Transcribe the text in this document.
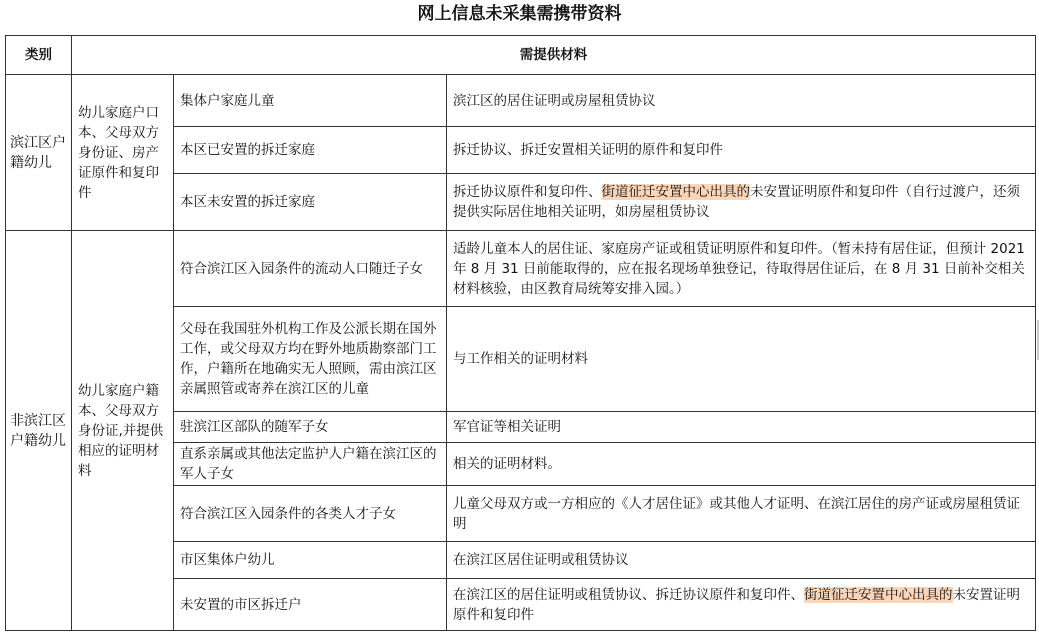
网上信息未采集需携带资料
类别	需提供材料		
滨江区户籍幼儿	幼儿家庭户口本、父母双方身份证、房产证原件和复印件	集体户家庭儿童	滨江区的居住证明或房屋租赁协议
		本区已安置的拆迁家庭	拆迁协议、拆迁安置相关证明的原件和复印件
		本区未安置的拆迁家庭	拆迁协议原件和复印件、街道征迁安置中心出具的未安置证明原件和复印件（自行过渡户，还须提供实际居住地相关证明，如房屋租赁协议
非滨江区户籍幼儿	幼儿家庭户籍本、父母双方身份证,并提供相应的证明材料	符合滨江区入园条件的流动人口随迁子女	适龄儿童本人的居住证、家庭房产证或租赁证明原件和复印件。（暂未持有居住证，但预计 2021 年 8 月 31 日前能取得的，应在报名现场单独登记，待取得居住证后，在 8 月 31 日前补交相关材料核验，由区教育局统筹安排入园。）
		父母在我国驻外机构工作及公派长期在国外工作，或父母双方均在野外地质勘察部门工作，户籍所在地确实无人照顾，需由滨江区亲属照管或寄养在滨江区的儿童	与工作相关的证明材料
		驻滨江区部队的随军子女	军官证等相关证明
		直系亲属或其他法定监护人户籍在滨江区的军人子女	相关的证明材料。
		符合滨江区入园条件的各类人才子女	儿童父母双方或一方相应的《人才居住证》或其他人才证明、在滨江居住的房产证或房屋租赁证明
		市区集体户幼儿	在滨江区居住证明或租赁协议
		未安置的市区拆迁户	在滨江区的居住证明或租赁协议、拆迁协议原件和复印件、街道征迁安置中心出具的未安置证明原件和复印件
